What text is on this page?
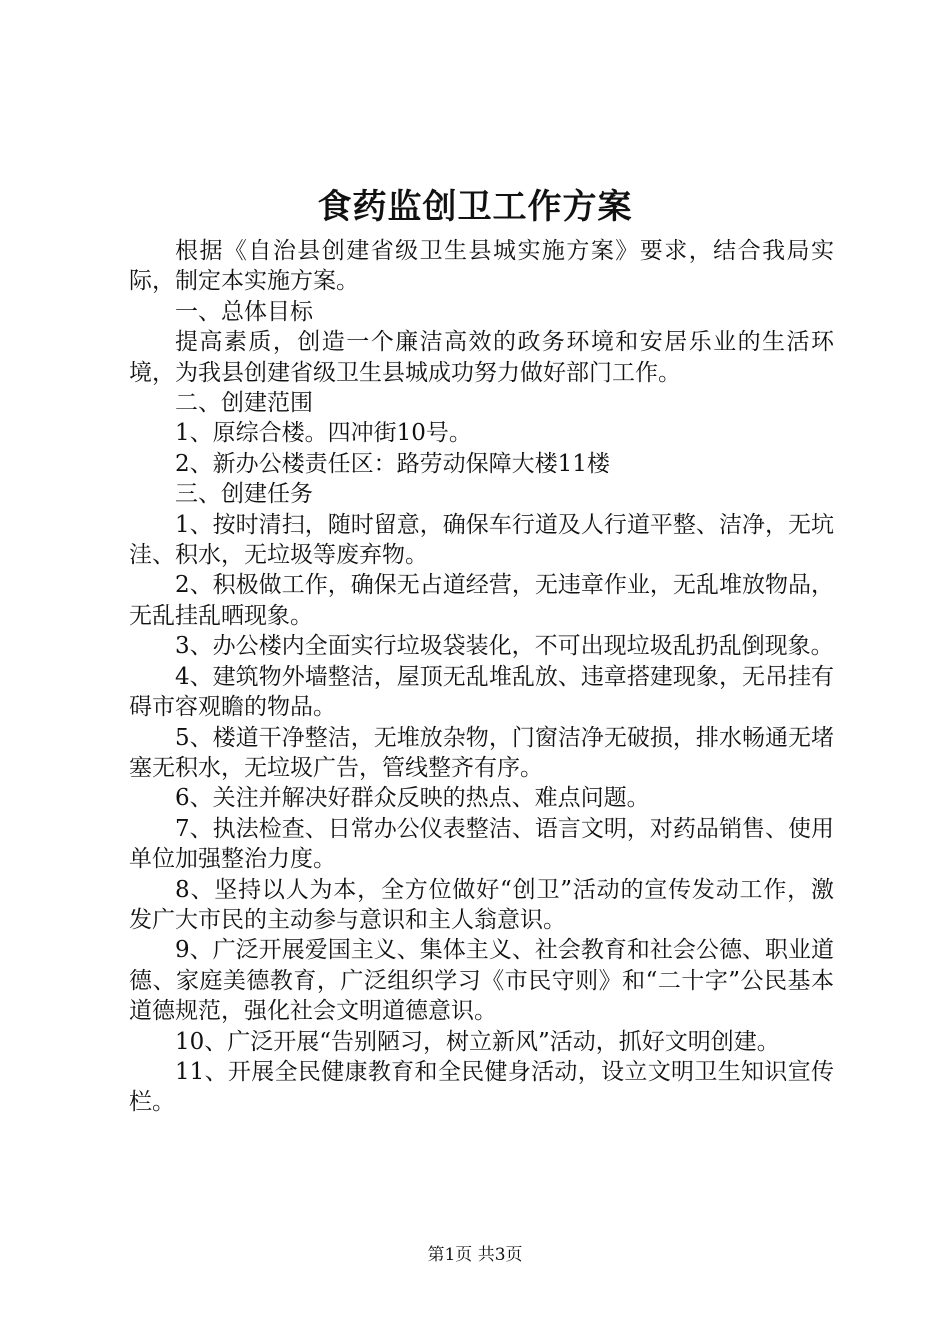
食药监创卫工作方案

根据《自治县创建省级卫生县城实施方案》要求，结合我局实际，制定本实施方案。

一、总体目标

提高素质，创造一个廉洁高效的政务环境和安居乐业的生活环境，为我县创建省级卫生县城成功努力做好部门工作。

二、创建范围

1、原综合楼。四冲街10号。

2、新办公楼责任区：路劳动保障大楼11楼

三、创建任务

1、按时清扫，随时留意，确保车行道及人行道平整、洁净，无坑洼、积水，无垃圾等废弃物。

2、积极做工作，确保无占道经营，无违章作业，无乱堆放物品，无乱挂乱晒现象。

3、办公楼内全面实行垃圾袋装化，不可出现垃圾乱扔乱倒现象。

4、建筑物外墙整洁，屋顶无乱堆乱放、违章搭建现象，无吊挂有碍市容观瞻的物品。

5、楼道干净整洁，无堆放杂物，门窗洁净无破损，排水畅通无堵塞无积水，无垃圾广告，管线整齐有序。

6、关注并解决好群众反映的热点、难点问题。

7、执法检查、日常办公仪表整洁、语言文明，对药品销售、使用单位加强整治力度。

8、坚持以人为本，全方位做好“创卫”活动的宣传发动工作，激发广大市民的主动参与意识和主人翁意识。

9、广泛开展爱国主义、集体主义、社会教育和社会公德、职业道德、家庭美德教育，广泛组织学习《市民守则》和“二十字”公民基本道德规范，强化社会文明道德意识。

10、广泛开展“告别陋习，树立新风”活动，抓好文明创建。

11、开展全民健康教育和全民健身活动，设立文明卫生知识宣传栏。

第1页 共3页
